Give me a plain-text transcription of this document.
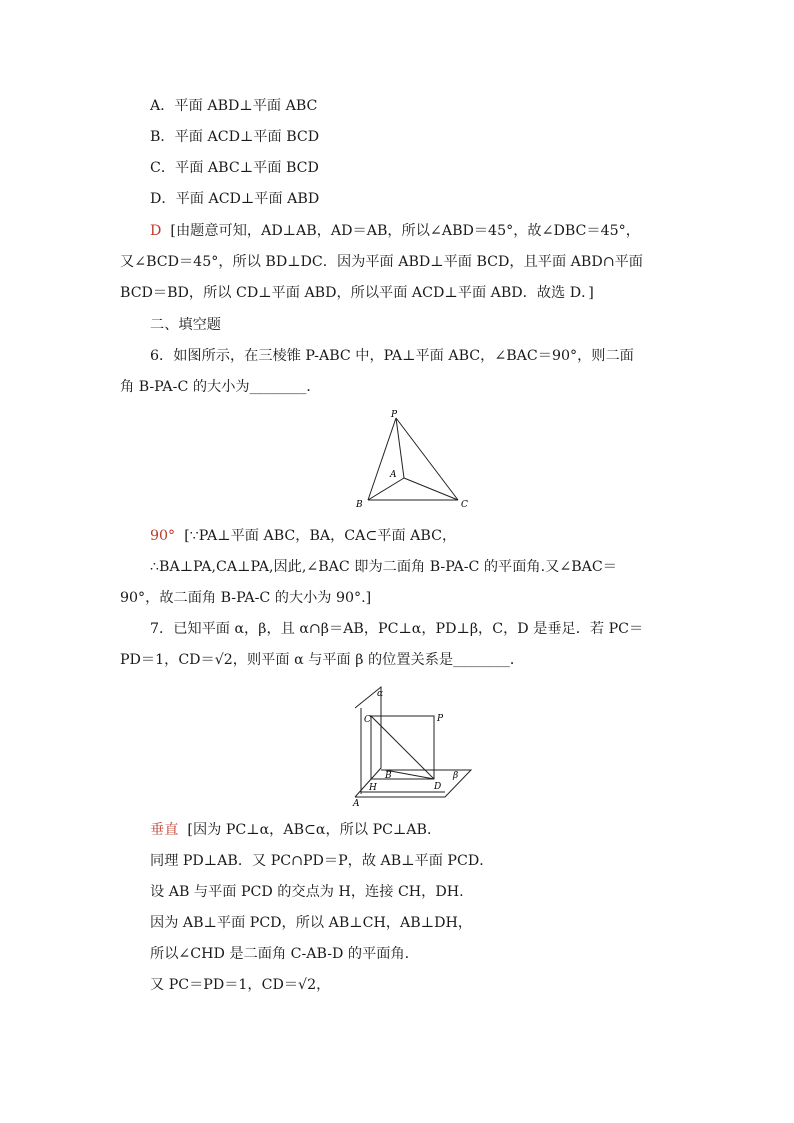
A．平面 ABD⊥平面 ABC
B．平面 ACD⊥平面 BCD
C．平面 ABC⊥平面 BCD
D．平面 ACD⊥平面 ABD
D [由题意可知，AD⊥AB，AD＝AB，所以∠ABD＝45°，故∠DBC＝45°，
又∠BCD＝45°，所以 BD⊥DC．因为平面 ABD⊥平面 BCD，且平面 ABD∩平面
BCD＝BD，所以 CD⊥平面 ABD，所以平面 ACD⊥平面 ABD．故选 D．]
二、填空题
6．如图所示，在三棱锥 P-ABC 中，PA⊥平面 ABC，∠BAC＝90°，则二面
角 B-PA-C 的大小为________．
P
A
B	C
90° [∵PA⊥平面 ABC，BA，CA⊂平面 ABC，
∴BA⊥PA,CA⊥PA,因此,∠BAC 即为二面角 B-PA-C 的平面角.又∠BAC＝
90°，故二面角 B-PA-C 的大小为 90°.]
7．已知平面 α，β，且 α∩β＝AB，PC⊥α，PD⊥β，C，D 是垂足．若 PC＝
PD＝1，CD＝√2，则平面 α 与平面 β 的位置关系是________．
α
C	P
B	β
H	D
A
垂直 [因为 PC⊥α，AB⊂α，所以 PC⊥AB．
同理 PD⊥AB．又 PC∩PD＝P，故 AB⊥平面 PCD．
设 AB 与平面 PCD 的交点为 H，连接 CH，DH.
因为 AB⊥平面 PCD，所以 AB⊥CH，AB⊥DH，
所以∠CHD 是二面角 C-AB-D 的平面角.
又 PC＝PD＝1，CD＝√2，
